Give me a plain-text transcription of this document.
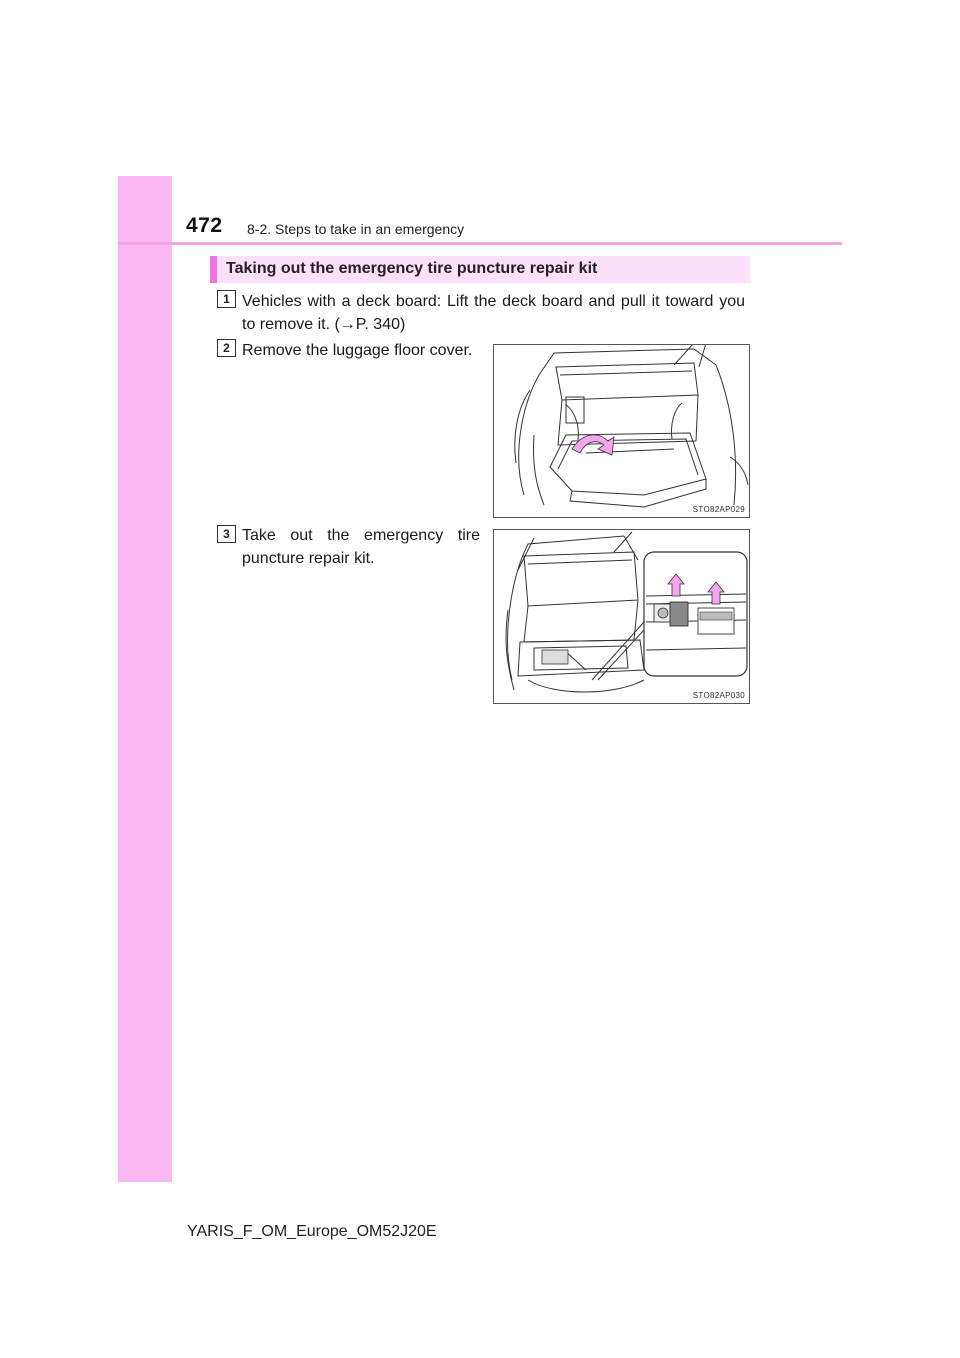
472 8-2. Steps to take in an emergency
Taking out the emergency tire puncture repair kit
1 Vehicles with a deck board: Lift the deck board and pull it toward you to remove it. (→P. 340)
2 Remove the luggage floor cover.
STO82AP029
3 Take out the emergency tire puncture repair kit.
STO82AP030
YARIS_F_OM_Europe_OM52J20E
